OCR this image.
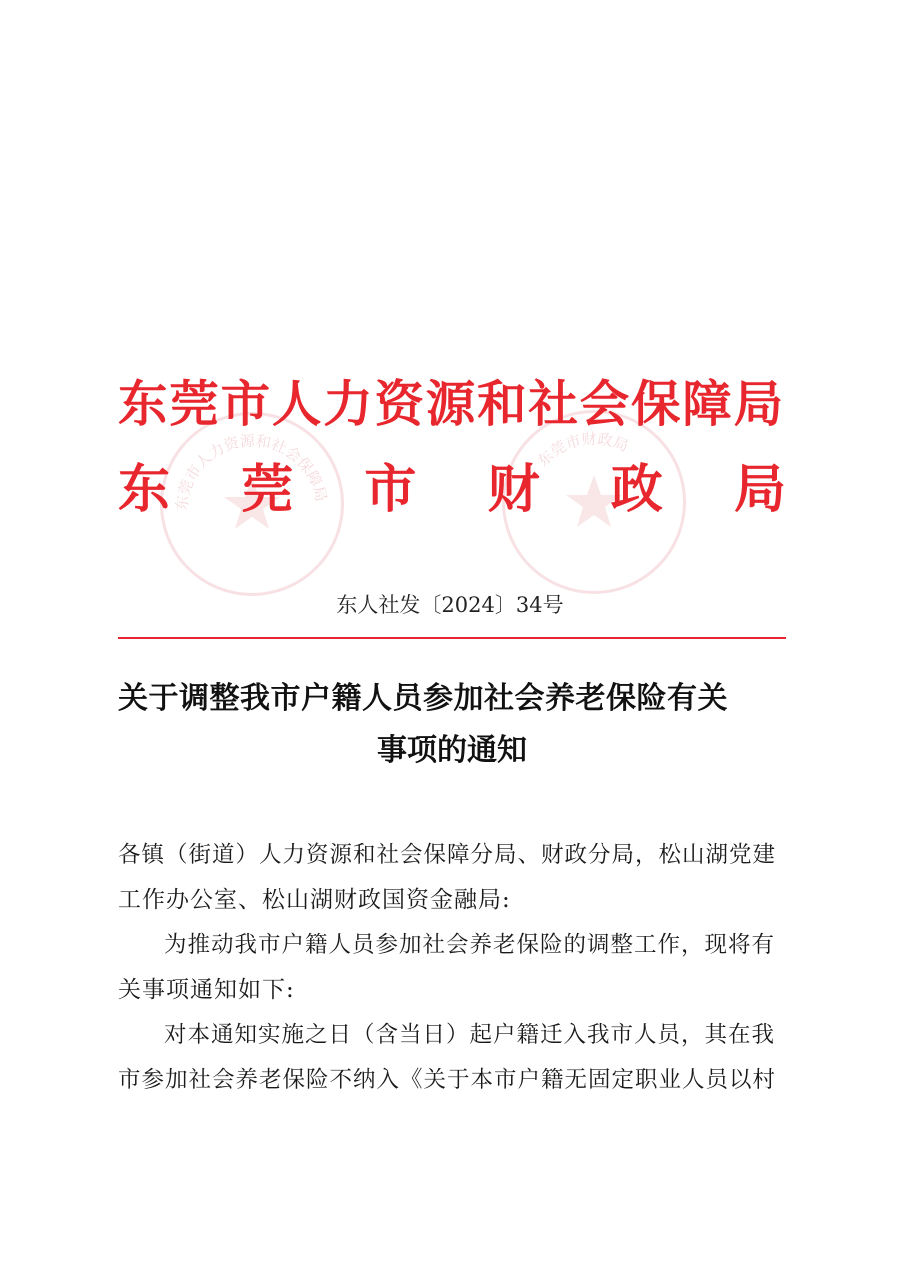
东莞市人力资源和社会保障局
东莞市财政局
东莞市人力资源和社会保障局
东 莞 市 财 政 局
东人社发〔2024〕34号
关于调整我市户籍人员参加社会养老保险有关
事项的通知
各镇（街道）人力资源和社会保障分局、财政分局，松山湖党建
工作办公室、松山湖财政国资金融局:
为推动我市户籍人员参加社会养老保险的调整工作，现将有
关事项通知如下:
对本通知实施之日（含当日）起户籍迁入我市人员，其在我
市参加社会养老保险不纳入《关于本市户籍无固定职业人员以村
